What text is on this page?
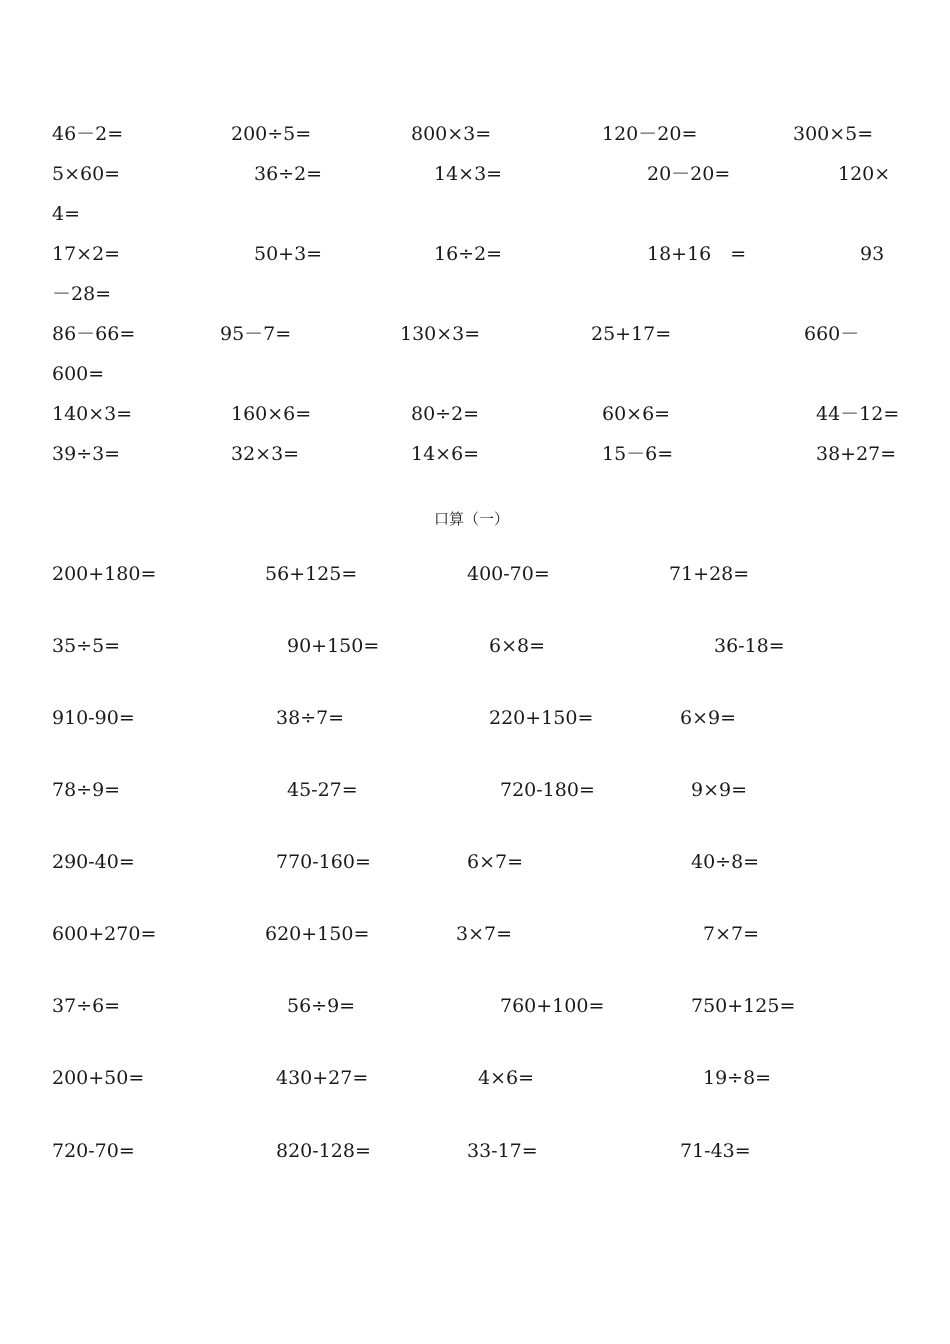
46－2=	200÷5=	800×3=	120－20=	300×5=
5×60=	36÷2=	14×3=	20－20=	120×
4=
17×2=	50+3=	16÷2=	18+16　=	93
－28=
86－66=	95－7=	130×3=	25+17=	660－
600=
140×3=	160×6=	80÷2=	60×6=	44－12=
39÷3=	32×3=	14×6=	15－6=	38+27=
口算（一）
200+180=	56+125=	400-70=	71+28=
35÷5=	90+150=	6×8=	36-18=
910-90=	38÷7=	220+150=	6×9=
78÷9=	45-27=	720-180=	9×9=
290-40=	770-160=	6×7=	40÷8=
600+270=	620+150=	3×7=	7×7=
37÷6=	56÷9=	760+100=	750+125=
200+50=	430+27=	4×6=	19÷8=
720-70=	820-128=	33-17=	71-43=
